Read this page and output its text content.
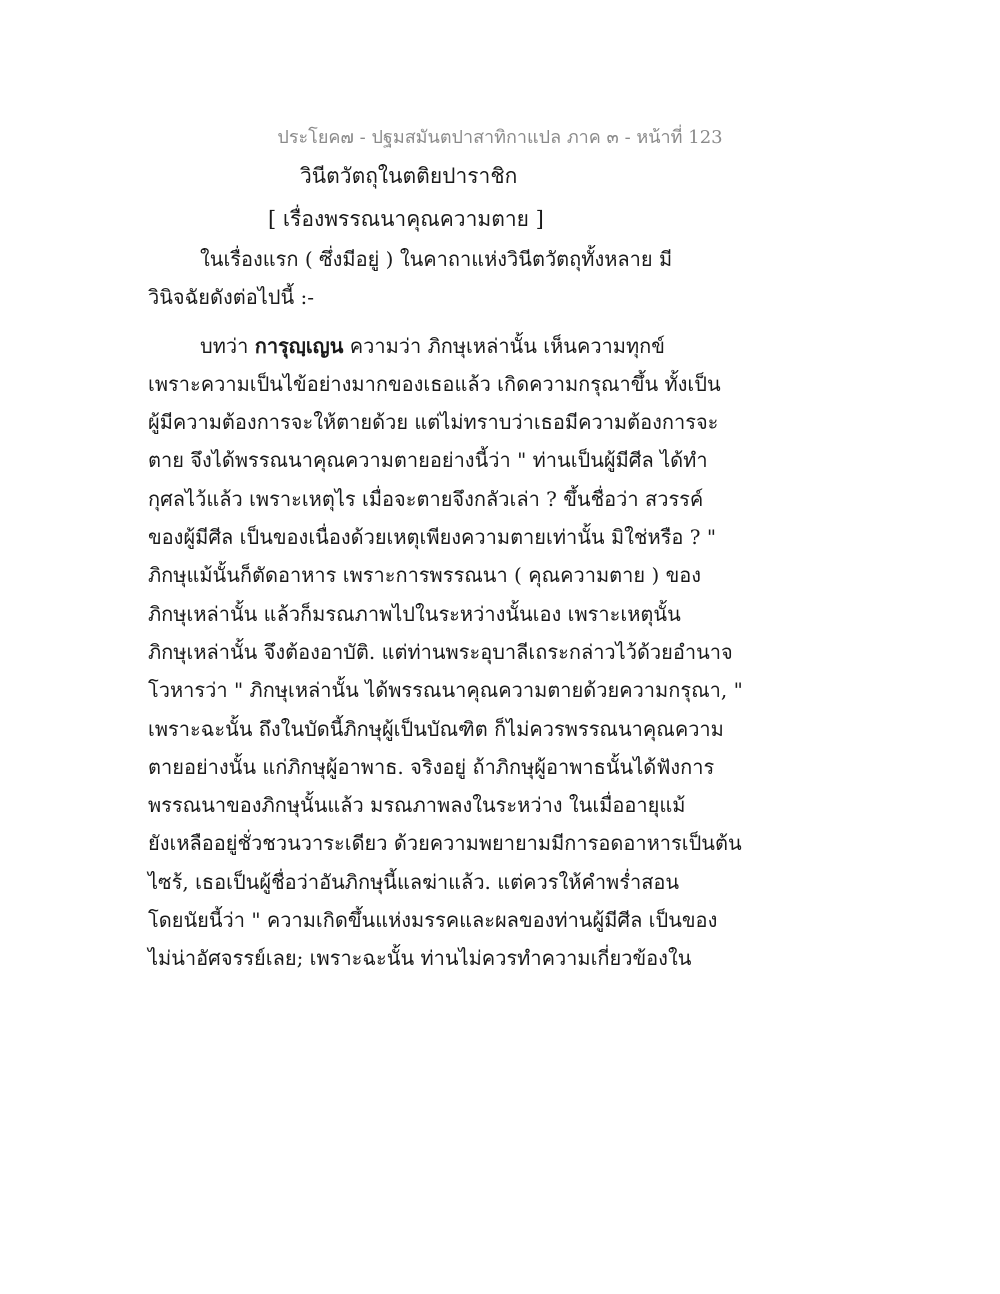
ประโยค๗ - ปฐมสมันตปาสาทิกาแปล ภาค ๓ - หน้าที่ 123
วินีตวัตถุในตติยปาราชิก
[ เรื่องพรรณนาคุณความตาย ]
ในเรื่องแรก ( ซึ่งมีอยู่ ) ในคาถาแห่งวินีตวัตถุทั้งหลาย มี
วินิจฉัยดังต่อไปนี้ :-
บทว่า การุญฺเญน ความว่า ภิกษุเหล่านั้น เห็นความทุกข์
เพราะความเป็นไข้อย่างมากของเธอแล้ว เกิดความกรุณาขึ้น ทั้งเป็น
ผู้มีความต้องการจะให้ตายด้วย แต่ไม่ทราบว่าเธอมีความต้องการจะ
ตาย จึงได้พรรณนาคุณความตายอย่างนี้ว่า " ท่านเป็นผู้มีศีล ได้ทำ
กุศลไว้แล้ว เพราะเหตุไร เมื่อจะตายจึงกลัวเล่า ? ขึ้นชื่อว่า สวรรค์
ของผู้มีศีล เป็นของเนื่องด้วยเหตุเพียงความตายเท่านั้น มิใช่หรือ ? "
ภิกษุแม้นั้นก็ตัดอาหาร เพราะการพรรณนา ( คุณความตาย ) ของ
ภิกษุเหล่านั้น แล้วก็มรณภาพไปในระหว่างนั้นเอง เพราะเหตุนั้น
ภิกษุเหล่านั้น จึงต้องอาบัติ. แต่ท่านพระอุบาลีเถระกล่าวไว้ด้วยอำนาจ
โวหารว่า " ภิกษุเหล่านั้น ได้พรรณนาคุณความตายด้วยความกรุณา, "
เพราะฉะนั้น ถึงในบัดนี้ภิกษุผู้เป็นบัณฑิต ก็ไม่ควรพรรณนาคุณความ
ตายอย่างนั้น แก่ภิกษุผู้อาพาธ. จริงอยู่ ถ้าภิกษุผู้อาพาธนั้นได้ฟังการ
พรรณนาของภิกษุนั้นแล้ว มรณภาพลงในระหว่าง ในเมื่ออายุแม้
ยังเหลืออยู่ชั่วชวนวาระเดียว ด้วยความพยายามมีการอดอาหารเป็นต้น
ไซร้, เธอเป็นผู้ชื่อว่าอันภิกษุนี้แลฆ่าแล้ว. แต่ควรให้คำพร่ำสอน
โดยนัยนี้ว่า " ความเกิดขึ้นแห่งมรรคและผลของท่านผู้มีศีล เป็นของ
ไม่น่าอัศจรรย์เลย; เพราะฉะนั้น ท่านไม่ควรทำความเกี่ยวข้องใน
